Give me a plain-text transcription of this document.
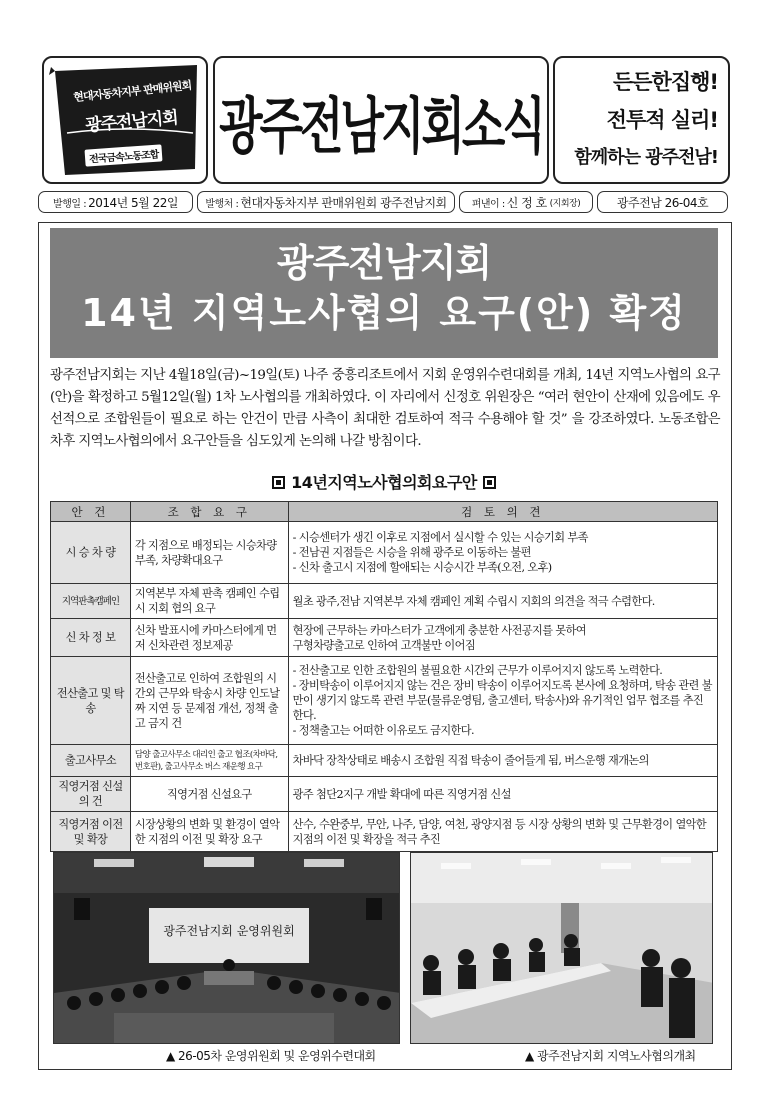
현대자동차지부 판매위원회
광주전남지회
전국금속노동조합 광주전남지회소식
든든한집행!
전투적 실리!
함께하는 광주전남!
발행일 : 2014년 5월 22일	발행처 : 현대자동차지부 판매위원회 광주전남지회	펴낸이 : 신 정 호 (지회장)	광주전남 26-04호
광주전남지회
14년 지역노사협의 요구(안) 확정

광주전남지회는 지난 4월18일(금)~19일(토) 나주 중흥리조트에서 지회 운영위수련대회를 개최, 14년 지역노사협의 요구(안)을 확정하고 5월12일(월) 1차 노사협의를 개최하였다. 이 자리에서 신정호 위원장은 “여러 현안이 산재에 있음에도 우선적으로 조합원들이 필요로 하는 안건이 만큼 사측이 최대한 검토하여 적극 수용해야 할 것” 을 강조하였다. 노동조합은 차후 지역노사협의에서 요구안들을 심도있게 논의해 나갈 방침이다.

14년지역노사협의회요구안
안 건	조 합 요 구	검 토 의 견
시 승 차 량	각 지점으로 배정되는 시승차량 부족, 차량확대요구	- 시승센터가 생긴 이후로 지점에서 실시할 수 있는 시승기회 부족
- 전남권 지점들은 시승을 위해 광주로 이동하는 불편
- 신차 출고시 지점에 할애되는 시승시간 부족(오전, 오후)

지역판촉캠페인	지역본부 자체 판촉 캠페인 수립시 지회 협의 요구	월초 광주,전남 지역본부 자체 캠페인 계획 수립시 지회의 의견을 적극 수렴한다.

신 차 정 보	신차 발표시에 카마스터에게 먼저 신차관련 정보제공	현장에 근무하는 카마스터가 고객에게 충분한 사전공지를 못하여
구형차량출고로 인하여 고객불만 이어짐

전산출고 및 탁송	전산출고로 인하여 조합원의 시간외 근무와 탁송시 차량 인도날짜 지연 등 문제점 개선, 정책 출고 금지 건	- 전산출고로 인한 조합원의 불필요한 시간외 근무가 이루어지지 않도록 노력한다.
- 장비탁송이 이루어지지 않는 건은 장비 탁송이 이루어지도록 본사에 요청하며, 탁송 관련 불만이 생기지 않도록 관련 부문(물류운영팀, 출고센터, 탁송사)와 유기적인 업무 협조를 추진한다.
- 정책출고는 어떠한 이유로도 금지한다.

출고사무소	담양 출고사무소 대리인 출고 협조(차바닥,번호판), 출고사무소 버스 재운행 요구	차바닥 장착상태로 배송시 조합원 직접 탁송이 줄어들게 됨, 버스운행 재개논의

직영거점 신설의 건	직영거점 신설요구	광주 첨단2지구 개발 확대에 따른 직영거점 신설

직영거점 이전 및 확장	시장상황의 변화 및 환경이 열악한 지점의 이전 및 확장 요구	산수, 수완중부, 무안, 나주, 담양, 여천, 광양지점 등 시장 상황의 변화 및 근무환경이 열악한 지점의 이전 및 확장을 적극 추진
광주전남지회 운영위원회
▲ 26-05차 운영위원회 및 운영위수련대회	▲ 광주전남지회 지역노사협의개최
